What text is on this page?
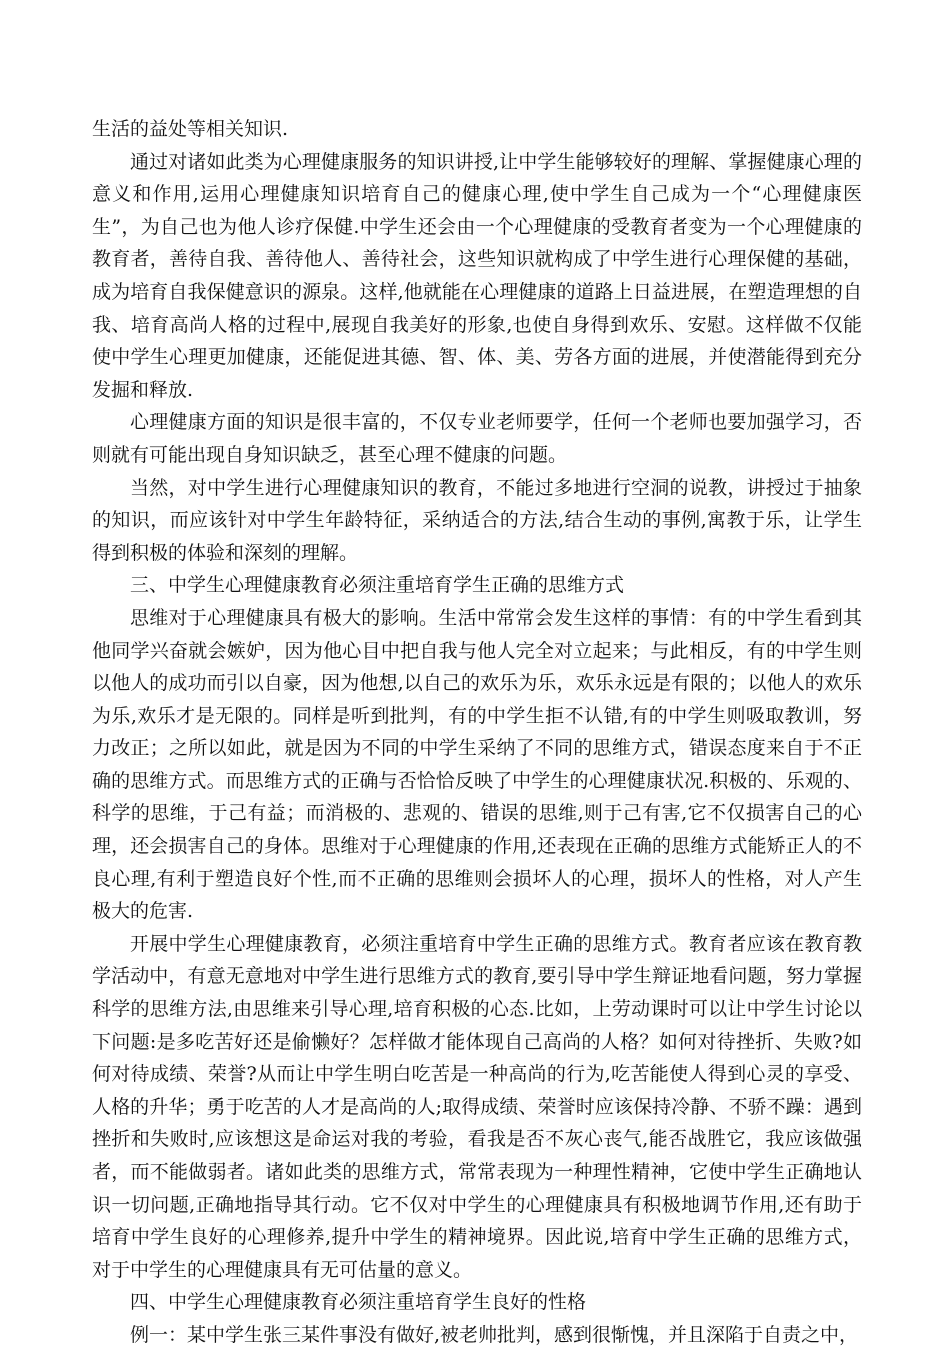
生活的益处等相关知识.

通过对诸如此类为心理健康服务的知识讲授,让中学生能够较好的理解、掌握健康心理的意义和作用,运用心理健康知识培育自己的健康心理,使中学生自己成为一个“心理健康医生”，为自己也为他人诊疗保健.中学生还会由一个心理健康的受教育者变为一个心理健康的教育者，善待自我、善待他人、善待社会，这些知识就构成了中学生进行心理保健的基础，成为培育自我保健意识的源泉。这样,他就能在心理健康的道路上日益进展，在塑造理想的自我、培育高尚人格的过程中,展现自我美好的形象,也使自身得到欢乐、安慰。这样做不仅能使中学生心理更加健康，还能促进其德、智、体、美、劳各方面的进展，并使潜能得到充分发掘和释放.

心理健康方面的知识是很丰富的，不仅专业老师要学，任何一个老师也要加强学习，否则就有可能出现自身知识缺乏，甚至心理不健康的问题。

当然，对中学生进行心理健康知识的教育，不能过多地进行空洞的说教，讲授过于抽象的知识，而应该针对中学生年龄特征，采纳适合的方法,结合生动的事例,寓教于乐，让学生得到积极的体验和深刻的理解。

三、中学生心理健康教育必须注重培育学生正确的思维方式

思维对于心理健康具有极大的影响。生活中常常会发生这样的事情：有的中学生看到其他同学兴奋就会嫉妒，因为他心目中把自我与他人完全对立起来；与此相反，有的中学生则以他人的成功而引以自豪，因为他想,以自己的欢乐为乐，欢乐永远是有限的；以他人的欢乐为乐,欢乐才是无限的。同样是听到批判，有的中学生拒不认错,有的中学生则吸取教训，努力改正；之所以如此，就是因为不同的中学生采纳了不同的思维方式，错误态度来自于不正确的思维方式。而思维方式的正确与否恰恰反映了中学生的心理健康状况.积极的、乐观的、科学的思维，于己有益；而消极的、悲观的、错误的思维,则于己有害,它不仅损害自己的心理，还会损害自己的身体。思维对于心理健康的作用,还表现在正确的思维方式能矫正人的不良心理,有利于塑造良好个性,而不正确的思维则会损坏人的心理，损坏人的性格，对人产生极大的危害.

开展中学生心理健康教育，必须注重培育中学生正确的思维方式。教育者应该在教育教学活动中，有意无意地对中学生进行思维方式的教育,要引导中学生辩证地看问题，努力掌握科学的思维方法,由思维来引导心理,培育积极的心态.比如，上劳动课时可以让中学生讨论以下问题:是多吃苦好还是偷懒好？怎样做才能体现自己高尚的人格？如何对待挫折、失败?如何对待成绩、荣誉?从而让中学生明白吃苦是一种高尚的行为,吃苦能使人得到心灵的享受、人格的升华；勇于吃苦的人才是高尚的人;取得成绩、荣誉时应该保持冷静、不骄不躁：遇到挫折和失败时,应该想这是命运对我的考验，看我是否不灰心丧气,能否战胜它，我应该做强者，而不能做弱者。诸如此类的思维方式，常常表现为一种理性精神，它使中学生正确地认识一切问题,正确地指导其行动。它不仅对中学生的心理健康具有积极地调节作用,还有助于培育中学生良好的心理修养,提升中学生的精神境界。因此说,培育中学生正确的思维方式，对于中学生的心理健康具有无可估量的意义。

四、中学生心理健康教育必须注重培育学生良好的性格

例一：某中学生张三某件事没有做好,被老帅批判，感到很惭愧，并且深陷于自责之中，
